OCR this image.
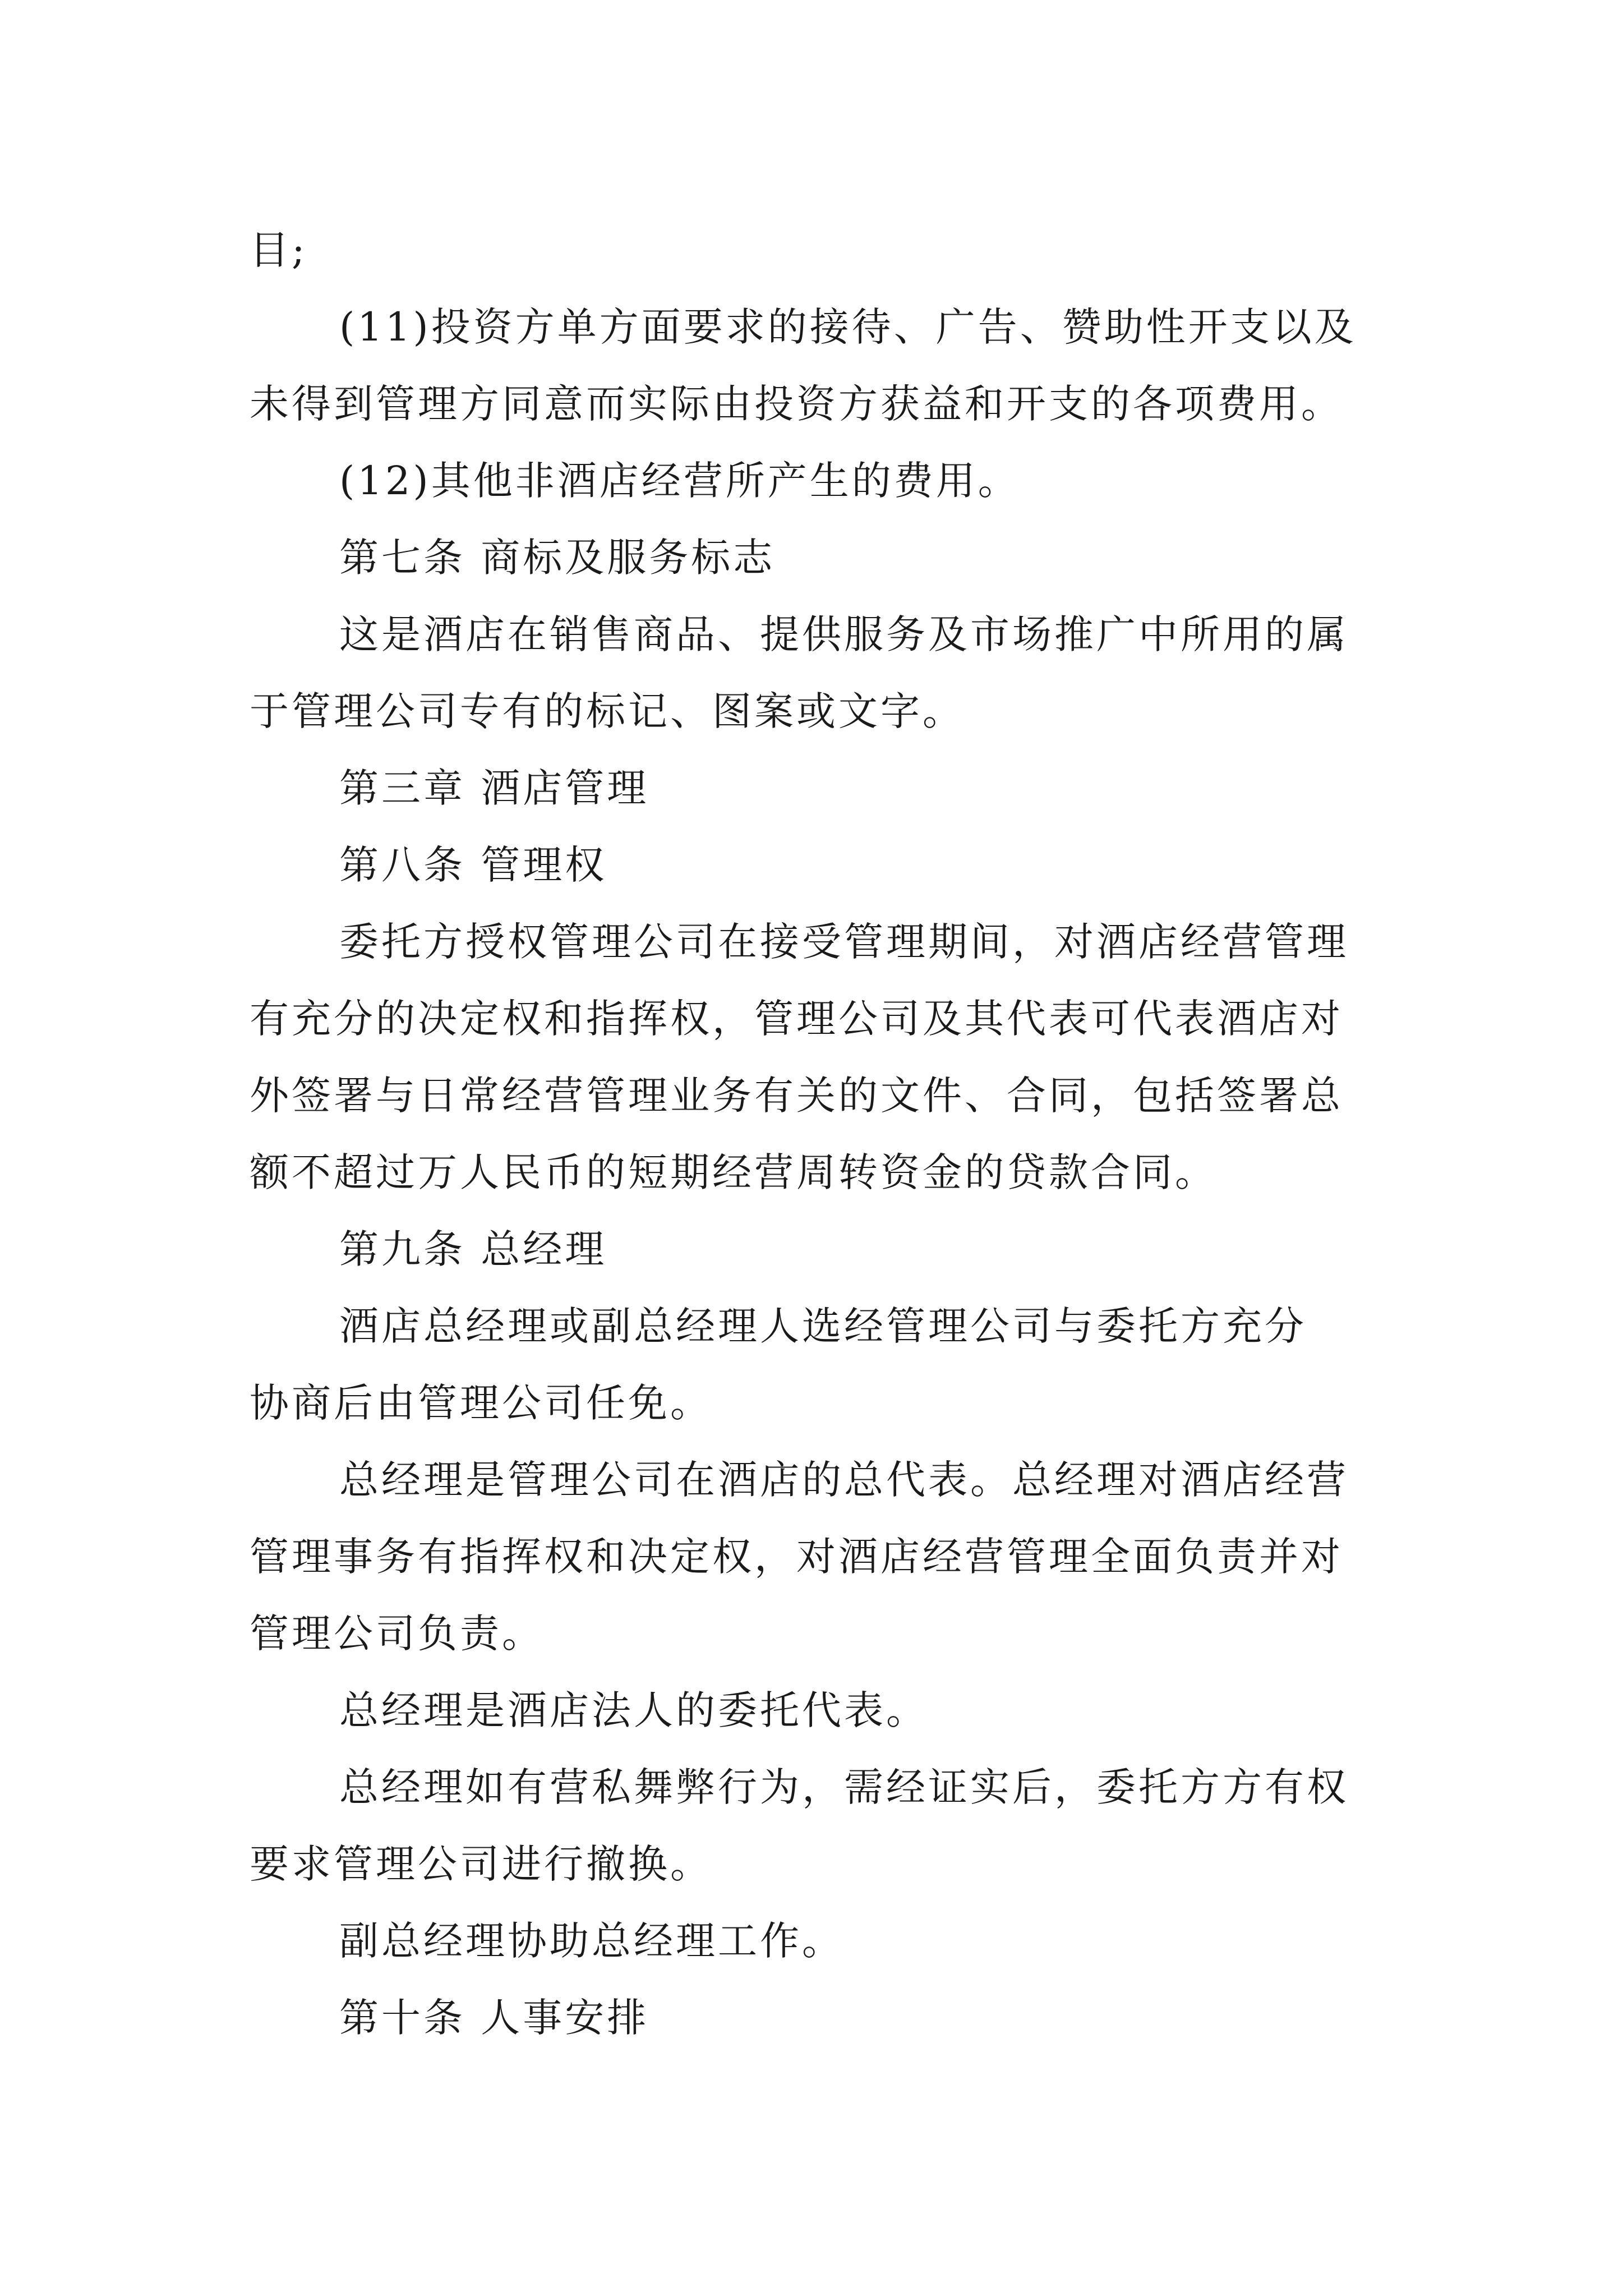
目;
(11)投资方单方面要求的接待、广告、赞助性开支以及
未得到管理方同意而实际由投资方获益和开支的各项费用。
(12)其他非酒店经营所产生的费用。
第七条 商标及服务标志
这是酒店在销售商品、提供服务及市场推广中所用的属
于管理公司专有的标记、图案或文字。
第三章 酒店管理
第八条 管理权
委托方授权管理公司在接受管理期间，对酒店经营管理
有充分的决定权和指挥权，管理公司及其代表可代表酒店对
外签署与日常经营管理业务有关的文件、合同，包括签署总
额不超过万人民币的短期经营周转资金的贷款合同。
第九条 总经理
酒店总经理或副总经理人选经管理公司与委托方充分
协商后由管理公司任免。
总经理是管理公司在酒店的总代表。总经理对酒店经营
管理事务有指挥权和决定权，对酒店经营管理全面负责并对
管理公司负责。
总经理是酒店法人的委托代表。
总经理如有营私舞弊行为，需经证实后，委托方方有权
要求管理公司进行撤换。
副总经理协助总经理工作。
第十条 人事安排
